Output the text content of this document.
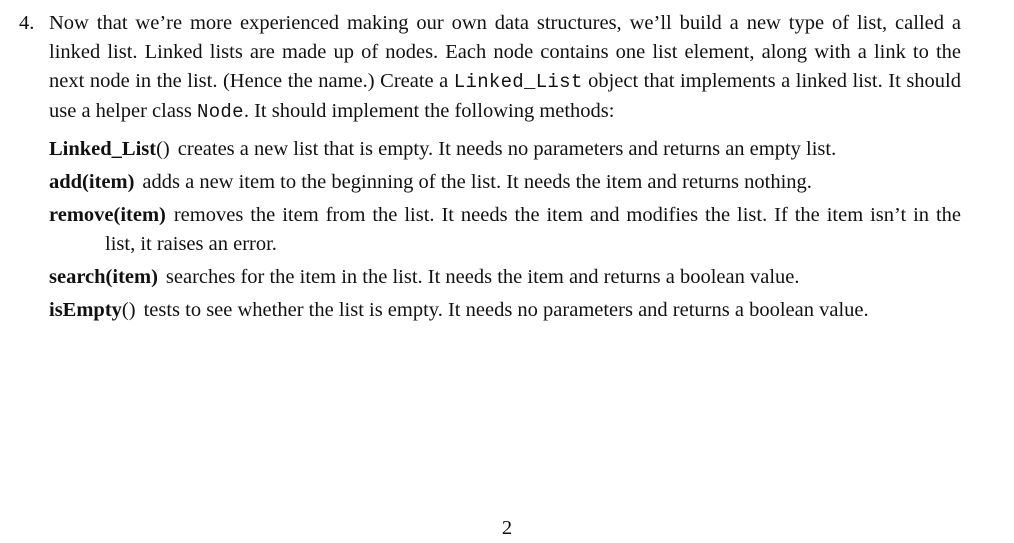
4. Now that we’re more experienced making our own data structures, we’ll build a new type of list, called a linked list. Linked lists are made up of nodes. Each node contains one list element, along with a link to the next node in the list. (Hence the name.) Create a Linked_List object that implements a linked list. It should use a helper class Node. It should implement the following methods:

Linked_List() creates a new list that is empty. It needs no parameters and returns an empty list.

add(item) adds a new item to the beginning of the list. It needs the item and returns nothing.

remove(item) removes the item from the list. It needs the item and modifies the list. If the item isn’t in the list, it raises an error.

search(item) searches for the item in the list. It needs the item and returns a boolean value.

isEmpty() tests to see whether the list is empty. It needs no parameters and returns a boolean value.

2
